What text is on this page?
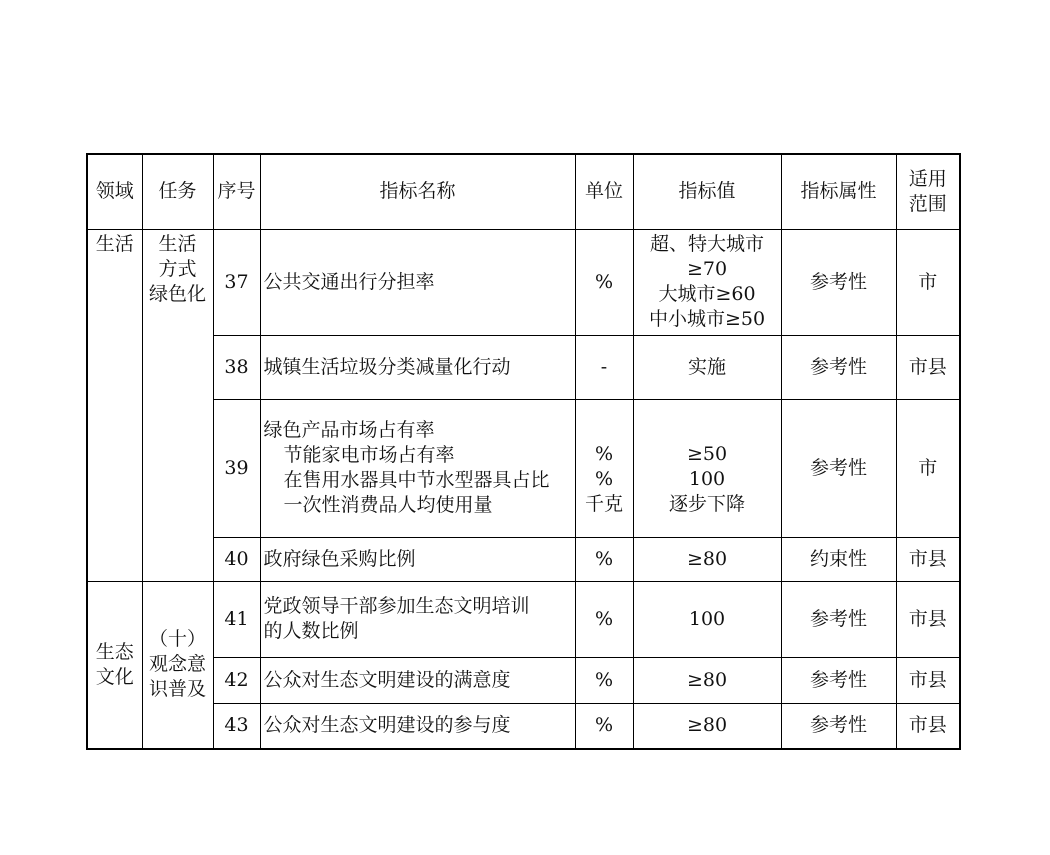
领域	任务	序号	指标名称	单位	指标值	指标属性	适用
范围

生活	生活
方式
绿色化	37	公共交通出行分担率	%	超、特大城市
≥70
大城市≥60
中小城市≥50	参考性	市
		38	城镇生活垃圾分类减量化行动	-	实施	参考性	市县
		39	绿色产品市场占有率
节能家电市场占有率
在售用水器具中节水型器具占比
一次性消费品人均使用量	%
%
千克	≥50
100
逐步下降	参考性	市
		40	政府绿色采购比例	%	≥80	约束性	市县

生态
文化	（十）
观念意
识普及	41	党政领导干部参加生态文明培训
的人数比例	%	100	参考性	市县
		42	公众对生态文明建设的满意度	%	≥80	参考性	市县
		43	公众对生态文明建设的参与度	%	≥80	参考性	市县
